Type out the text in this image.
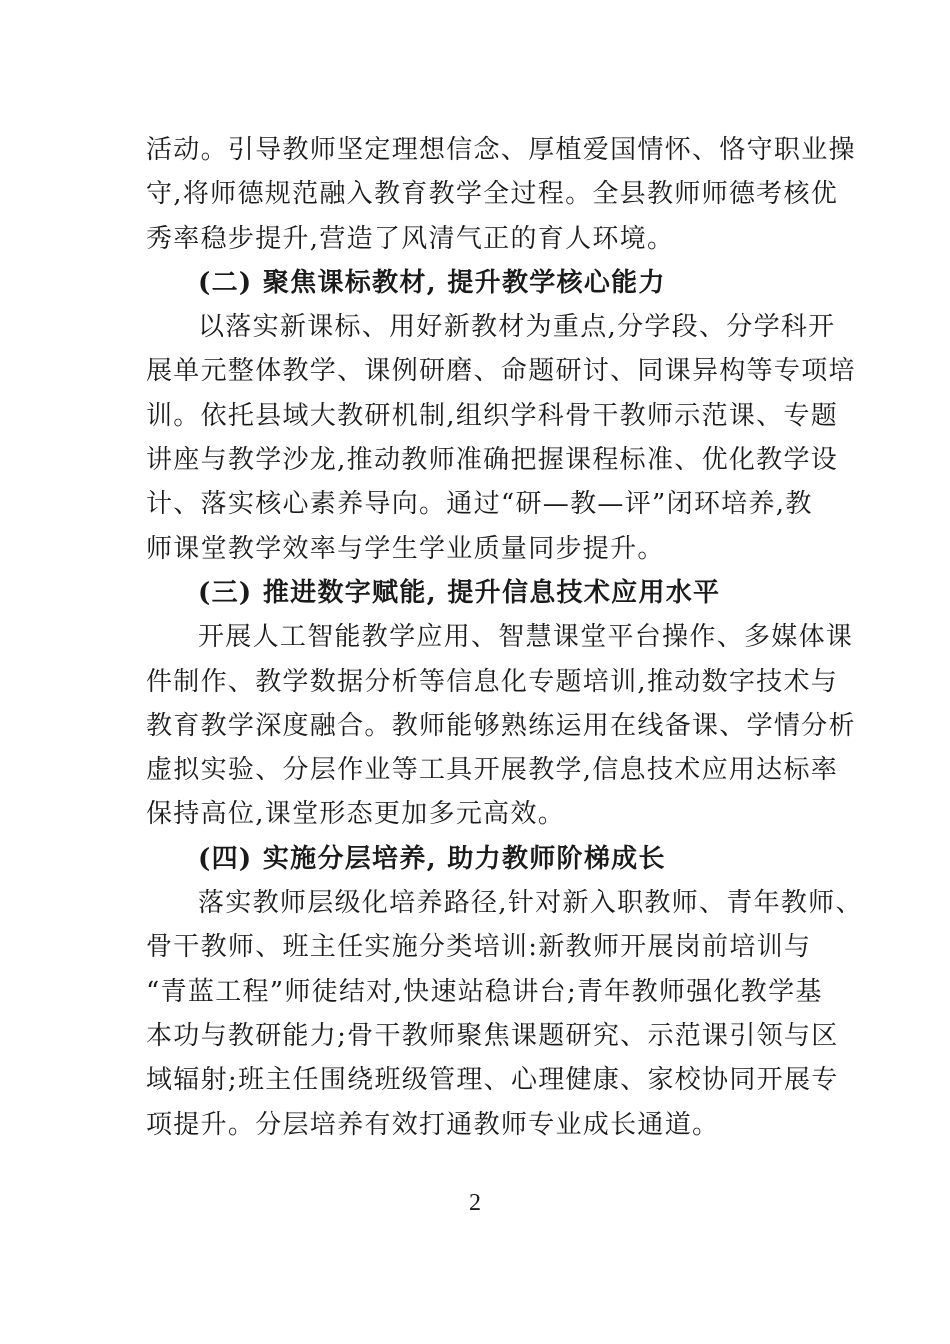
活动。引导教师坚定理想信念、厚植爱国情怀、恪守职业操
守,将师德规范融入教育教学全过程。全县教师师德考核优
秀率稳步提升,营造了风清气正的育人环境。
(二) 聚焦课标教材, 提升教学核心能力
以落实新课标、用好新教材为重点,分学段、分学科开
展单元整体教学、课例研磨、命题研讨、同课异构等专项培
训。依托县域大教研机制,组织学科骨干教师示范课、专题
讲座与教学沙龙,推动教师准确把握课程标准、优化教学设
计、落实核心素养导向。通过“研—教—评”闭环培养,教
师课堂教学效率与学生学业质量同步提升。
(三) 推进数字赋能, 提升信息技术应用水平
开展人工智能教学应用、智慧课堂平台操作、多媒体课
件制作、教学数据分析等信息化专题培训,推动数字技术与
教育教学深度融合。教师能够熟练运用在线备课、学情分析
虚拟实验、分层作业等工具开展教学,信息技术应用达标率
保持高位,课堂形态更加多元高效。
(四) 实施分层培养, 助力教师阶梯成长
落实教师层级化培养路径,针对新入职教师、青年教师、
骨干教师、班主任实施分类培训:新教师开展岗前培训与
“青蓝工程”师徒结对,快速站稳讲台;青年教师强化教学基
本功与教研能力;骨干教师聚焦课题研究、示范课引领与区
域辐射;班主任围绕班级管理、心理健康、家校协同开展专
项提升。分层培养有效打通教师专业成长通道。
2
